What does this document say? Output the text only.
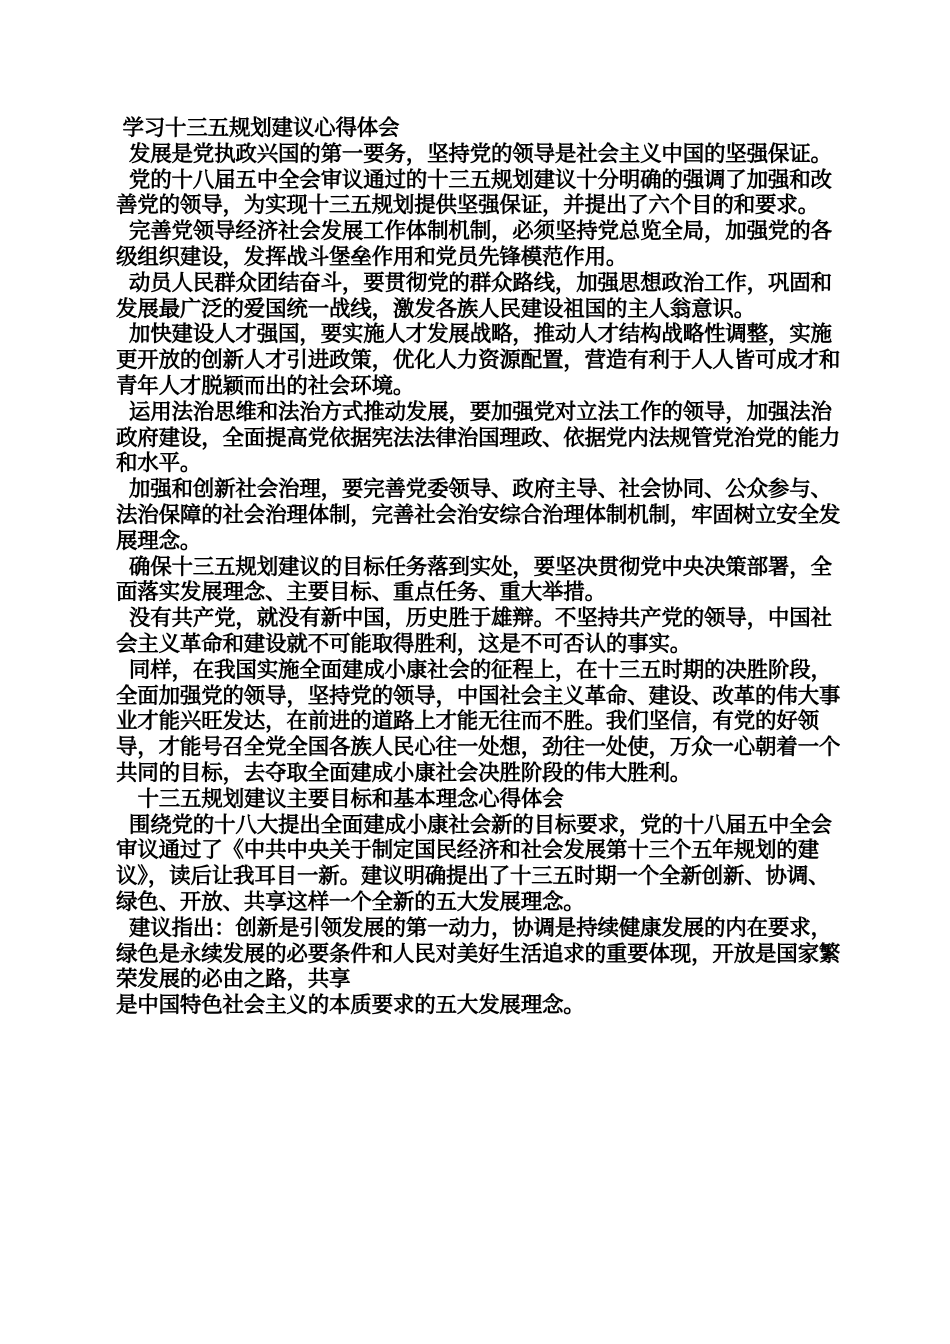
学习十三五规划建议心得体会

发展是党执政兴国的第一要务，坚持党的领导是社会主义中国的坚强保证。

党的十八届五中全会审议通过的十三五规划建议十分明确的强调了加强和改善党的领导，为实现十三五规划提供坚强保证，并提出了六个目的和要求。

完善党领导经济社会发展工作体制机制，必须坚持党总览全局，加强党的各级组织建设，发挥战斗堡垒作用和党员先锋模范作用。

动员人民群众团结奋斗，要贯彻党的群众路线，加强思想政治工作，巩固和发展最广泛的爱国统一战线，激发各族人民建设祖国的主人翁意识。

加快建设人才强国，要实施人才发展战略，推动人才结构战略性调整，实施更开放的创新人才引进政策，优化人力资源配置，营造有利于人人皆可成才和青年人才脱颖而出的社会环境。

运用法治思维和法治方式推动发展，要加强党对立法工作的领导，加强法治政府建设，全面提高党依据宪法法律治国理政、依据党内法规管党治党的能力和水平。

加强和创新社会治理，要完善党委领导、政府主导、社会协同、公众参与、法治保障的社会治理体制，完善社会治安综合治理体制机制，牢固树立安全发展理念。

确保十三五规划建议的目标任务落到实处，要坚决贯彻党中央决策部署，全面落实发展理念、主要目标、重点任务、重大举措。

没有共产党，就没有新中国，历史胜于雄辩。不坚持共产党的领导，中国社会主义革命和建设就不可能取得胜利，这是不可否认的事实。

同样，在我国实施全面建成小康社会的征程上，在十三五时期的决胜阶段，全面加强党的领导，坚持党的领导，中国社会主义革命、建设、改革的伟大事业才能兴旺发达，在前进的道路上才能无往而不胜。我们坚信，有党的好领导，才能号召全党全国各族人民心往一处想，劲往一处使，万众一心朝着一个共同的目标，去夺取全面建成小康社会决胜阶段的伟大胜利。

十三五规划建议主要目标和基本理念心得体会

围绕党的十八大提出全面建成小康社会新的目标要求，党的十八届五中全会审议通过了《中共中央关于制定国民经济和社会发展第十三个五年规划的建议》，读后让我耳目一新。建议明确提出了十三五时期一个全新创新、协调、绿色、开放、共享这样一个全新的五大发展理念。

建议指出：创新是引领发展的第一动力，协调是持续健康发展的内在要求，绿色是永续发展的必要条件和人民对美好生活追求的重要体现，开放是国家繁荣发展的必由之路，共享

是中国特色社会主义的本质要求的五大发展理念。
